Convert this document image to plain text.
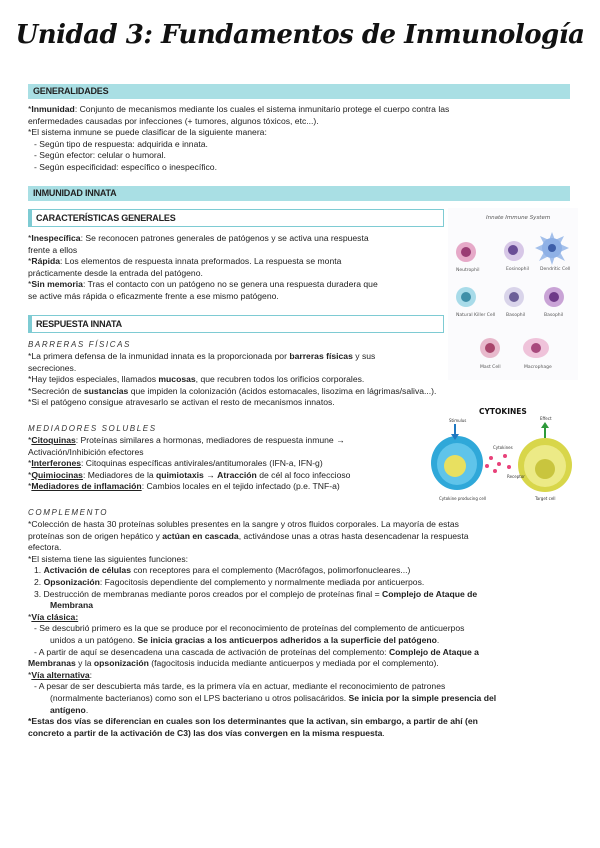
Unidad 3: Fundamentos de Inmunología
GENERALIDADES

*Inmunidad: Conjunto de mecanismos mediante los cuales el sistema inmunitario protege el cuerpo contra las

enfermedades causadas por infecciones (+ tumores, algunos tóxicos, etc...).

*El sistema inmune se puede clasificar de la siguiente manera:

- Según tipo de respuesta: adquirida e innata.

- Según efector: celular o humoral.

- Según especificidad: específico o inespecífico.

INMUNIDAD INNATA
CARACTERÍSTICAS GENERALES

*Inespecífica: Se reconocen patrones generales de patógenos y se activa una respuesta

frente a ellos

*Rápida: Los elementos de respuesta innata preformados. La respuesta se monta

prácticamente desde la entrada del patógeno.

*Sin memoria: Tras el contacto con un patógeno no se genera una respuesta duradera que

se active más rápida o eficazmente frente a ese mismo patógeno.

RESPUESTA INNATA
BARRERAS FÍSICAS

*La primera defensa de la inmunidad innata es la proporcionada por barreras físicas y sus

secreciones.

*Hay tejidos especiales, llamados mucosas, que recubren todos los orificios corporales.

*Secreción de sustancias que impiden la colonización (ácidos estomacales, lisozima en lágrimas/saliva...).

*Si el patógeno consigue atravesarlo se activan el resto de mecanismos innatos.

MEDIADORES SOLUBLES

*Citoquinas: Proteínas similares a hormonas, mediadores de respuesta inmune →

Activación/Inhibición efectores

*Interferones: Citoquinas específicas antivirales/antitumorales (IFN-a, IFN-g)

*Quimiocinas: Mediadores de la quimiotaxis → Atracción de cél al foco infeccioso

*Mediadores de inflamación: Cambios locales en el tejido infectado (p.e. TNF-a)

COMPLEMENTO

*Colección de hasta 30 proteínas solubles presentes en la sangre y otros fluidos corporales. La mayoría de estas

proteínas son de origen hepático y actúan en cascada, activándose unas a otras hasta desencadenar la respuesta

efectora.

*El sistema tiene las siguientes funciones:

1. Activación de células con receptores para el complemento (Macrófagos, polimorfonucleares...)

2. Opsonización: Fagocitosis dependiente del complemento y normalmente mediada por anticuerpos.

3. Destrucción de membranas mediante poros creados por el complejo de proteínas final = Complejo de Ataque de

Membrana

*Vía clásica:

- Se descubrió primero es la que se produce por el reconocimiento de proteínas del complemento de anticuerpos

unidos a un patógeno. Se inicia gracias a los anticuerpos adheridos a la superficie del patógeno.

- A partir de aquí se desencadena una cascada de activación de proteínas del complemento: Complejo de Ataque a

Membranas y la opsonización (fagocitosis inducida mediante anticuerpos y mediada por el complemento).

*Vía alternativa:

- A pesar de ser descubierta más tarde, es la primera vía en actuar, mediante el reconocimiento de patrones

(normalmente bacterianos) como son el LPS bacteriano u otros polisacáridos. Se inicia por la simple presencia del

antígeno.

*Estas dos vías se diferencian en cuales son los determinantes que la activan, sin embargo, a partir de ahí (en

concreto a partir de la activación de C3) las dos vías convergen en la misma respuesta.

Innate Immune System
Neutrophil	Eosinophil Dendritic Cell
Natural Killer Cell Basophil	Basophil
Mast Cell	Macrophage
CYTOKINES
Stimulus	Effect
Cytokines
Receptor
Cytokine producing cell	Target cell
